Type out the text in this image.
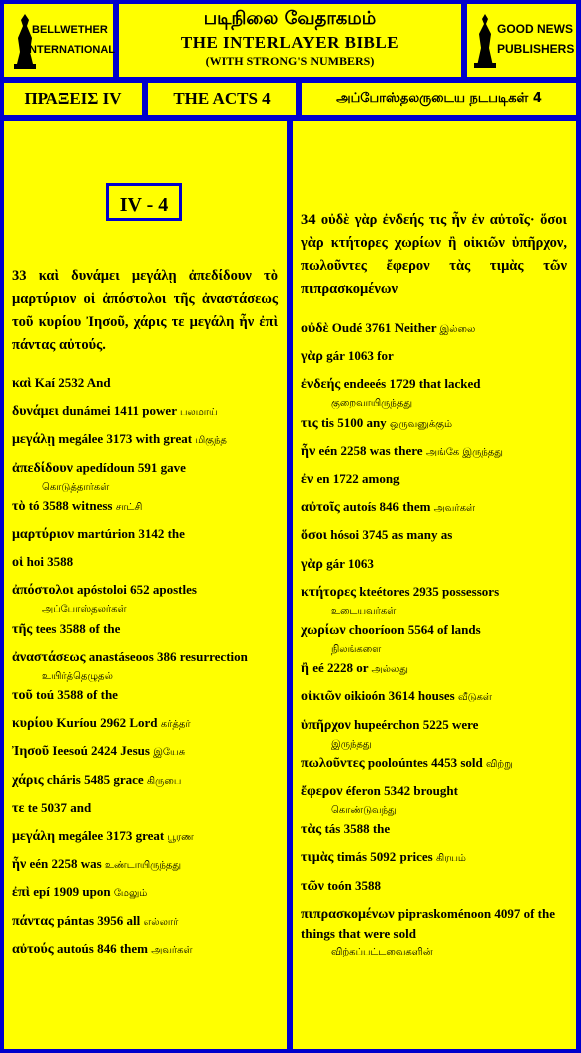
BELLWETHER
INTERNATIONAL
படிநிலை வேதாகமம்
THE INTERLAYER BIBLE
(WITH STRONG'S NUMBERS)
GOOD NEWS
PUBLISHERS
ΠΡΑΞΕΙΣ IV	THE ACTS 4	அப்போஸ்தலருடைய நடபடிகள் 4
IV - 4
33 καὶ δυνάμει μεγάλῃ ἀπεδίδουν τὸ μαρτύριον οἱ ἀπόστολοι τῆς ἀναστάσεως τοῦ κυρίου Ἰησοῦ, χάρις τε μεγάλη ἦν ἐπὶ πάντας αὐτούς.
καὶ Kaí 2532 And
δυνάμει dunámei 1411 power பலமாய்
μεγάλῃ megálee 3173 with great மிகுந்த
ἀπεδίδουν apedídoun 591 gave
கொடுத்தார்கள்
τὸ tó 3588 witness சாட்சி
μαρτύριον martúrion 3142 the
οἱ hoi 3588
ἀπόστολοι apóstoloi 652 apostles
அப்போஸ்தலர்கள்
τῆς tees 3588 of the
ἀναστάσεως anastáseoos 386 resurrection
உயிர்த்தெழுதல்
τοῦ toú 3588 of the
κυρίου Kuríou 2962 Lord கர்த்தர்
Ἰησοῦ Ieesoú 2424 Jesus இயேசு
χάρις cháris 5485 grace கிருபை
τε te 5037 and
μεγάλη megálee 3173 great பூரண
ἦν eén 2258 was உண்டாயிருந்தது
ἐπὶ epí 1909 upon மேலும்
πάντας pántas 3956 all எல்லார்
αὐτούς autoús 846 them அவர்கள்
34 οὐδὲ γὰρ ἐνδεής τις ἦν ἐν αὐτοῖς· ὅσοι γὰρ κτήτορες χωρίων ἢ οἰκιῶν ὑπῆρχον, πωλοῦντες ἔφερον τὰς τιμὰς τῶν πιπρασκομένων
οὐδὲ Oudé 3761 Neither இல்லை
γὰρ gár 1063 for
ἐνδεής endeeés 1729 that lacked
குறைவாயிருந்தது
τις tis 5100 any ஒருவனுக்கும்
ἦν eén 2258 was there அங்கே இருந்தது
ἐν en 1722 among
αὐτοῖς autoís 846 them அவர்கள்
ὅσοι hósoi 3745 as many as
γὰρ gár 1063
κτήτορες kteétores 2935 possessors
உடையவர்கள்
χωρίων chooríoon 5564 of lands
நிலங்களை
ἢ eé 2228 or அல்லது
οἰκιῶν oikioón 3614 houses வீடுகள்
ὑπῆρχον hupeérchon 5225 were
இருந்தது
πωλοῦντες pooloúntes 4453 sold விற்று
ἔφερον éferon 5342 brought
கொண்டுவந்து
τὰς tás 3588 the
τιμὰς timás 5092 prices கிரயம்
τῶν toón 3588
πιπρασκομένων pipraskoménoon 4097 of the things that were sold
விற்கப்பட்டவைகளின்
